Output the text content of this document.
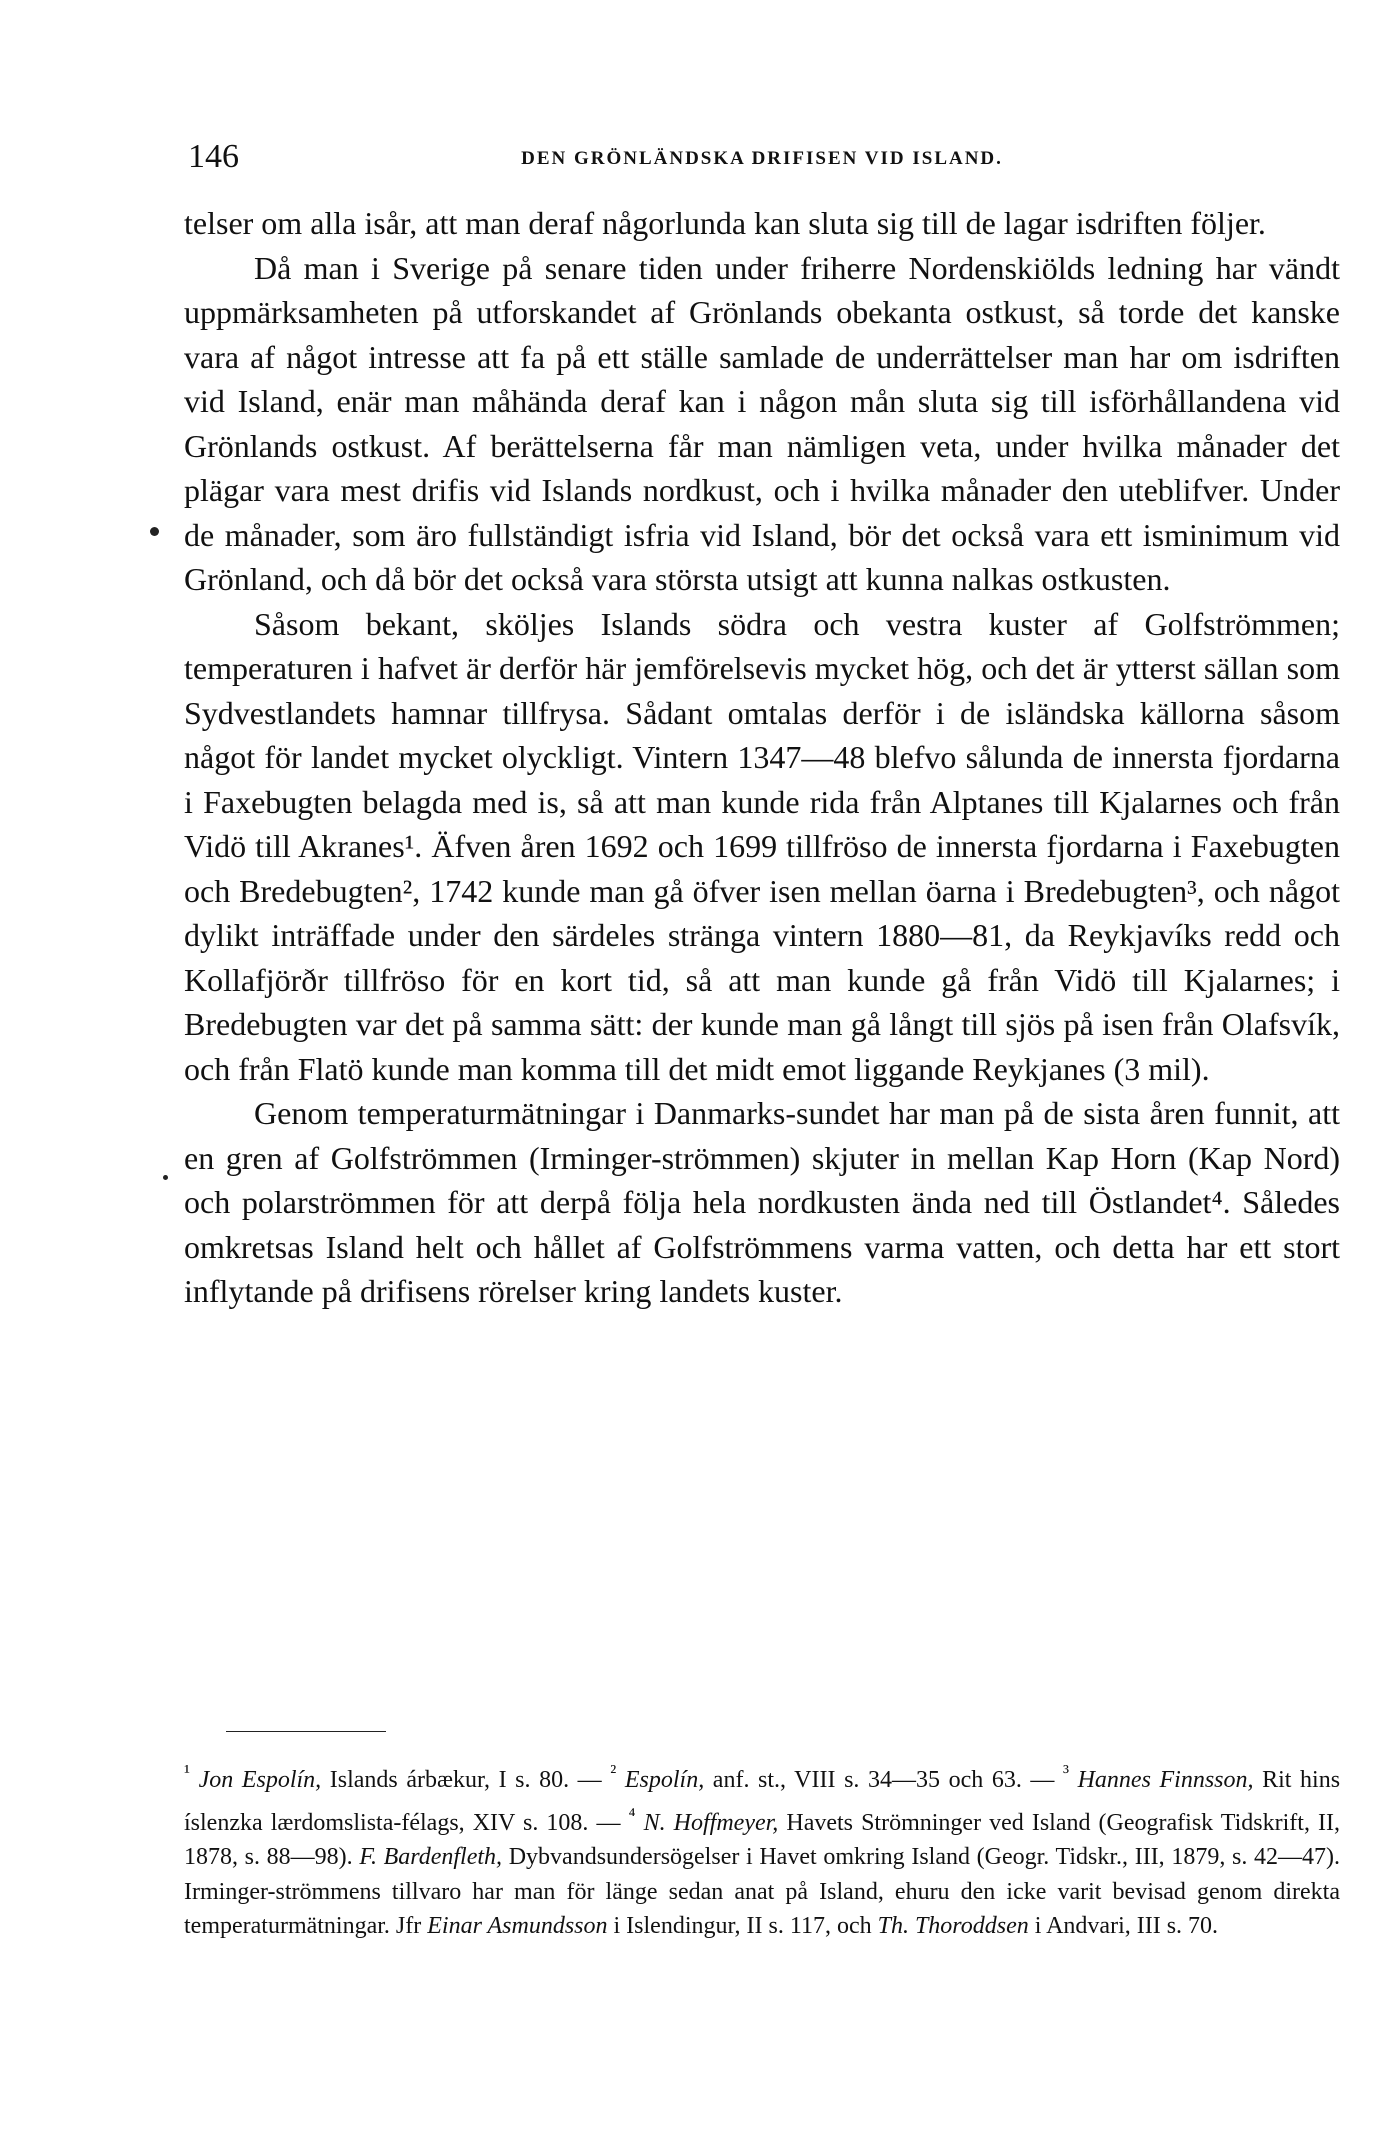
146	DEN GRÖNLÄNDSKA DRIFISEN VID ISLAND.

telser om alla isår, att man deraf någorlunda kan sluta sig till de lagar isdriften följer.

Då man i Sverige på senare tiden under friherre Nordenskiölds ledning har vändt uppmärksamheten på utforskandet af Grönlands obekanta ostkust, så torde det kanske vara af något intresse att fa på ett ställe samlade de underrättelser man har om isdriften vid Island, enär man måhända deraf kan i någon mån sluta sig till isförhållandena vid Grönlands ostkust. Af berättelserna får man nämligen veta, under hvilka månader det plägar vara mest drifis vid Islands nordkust, och i hvilka månader den uteblifver. Under de månader, som äro fullständigt isfria vid Island, bör det också vara ett isminimum vid Grönland, och då bör det också vara största utsigt att kunna nalkas ostkusten.

Såsom bekant, sköljes Islands södra och vestra kuster af Golfströmmen; temperaturen i hafvet är derför här jemförelsevis mycket hög, och det är ytterst sällan som Sydvestlandets hamnar tillfrysa. Sådant omtalas derför i de isländska källorna såsom något för landet mycket olyckligt. Vintern 1347—48 blefvo sålunda de innersta fjordarna i Faxebugten belagda med is, så att man kunde rida från Alptanes till Kjalarnes och från Vidö till Akranes¹. Äfven åren 1692 och 1699 tillfröso de innersta fjordarna i Faxebugten och Bredebugten², 1742 kunde man gå öfver isen mellan öarna i Bredebugten³, och något dylikt inträffade under den särdeles stränga vintern 1880—81, da Reykjavíks redd och Kollafjörðr tillfröso för en kort tid, så att man kunde gå från Vidö till Kjalarnes; i Bredebugten var det på samma sätt: der kunde man gå långt till sjös på isen från Olafsvík, och från Flatö kunde man komma till det midt emot liggande Reykjanes (3 mil).

Genom temperaturmätningar i Danmarks-sundet har man på de sista åren funnit, att en gren af Golfströmmen (Irminger-strömmen) skjuter in mellan Kap Horn (Kap Nord) och polarströmmen för att derpå följa hela nordkusten ända ned till Östlandet⁴. Således omkretsas Island helt och hållet af Golfströmmens varma vatten, och detta har ett stort inflytande på drifisens rörelser kring landets kuster.

$^{^1}$ Jon Espolín, Islands árbækur, I s. 80. — $^{^2}$ Espolín, anf. st., VIII s. 34—35 och 63. — $^{^3}$ Hannes Finnsson, Rit hins íslenzka lærdomslista-félags, XIV s. 108. — $^{^4}$ N. Hoffmeyer, Havets Strömninger ved Island (Geografisk Tidskrift, II, 1878, s. 88—98). F. Bardenfleth, Dybvandsundersögelser i Havet omkring Island (Geogr. Tidskr., III, 1879, s. 42—47). Irminger-strömmens tillvaro har man för länge sedan anat på Island, ehuru den icke varit bevisad genom direkta temperaturmätningar. Jfr Einar Asmundsson i Islendingur, II s. 117, och Th. Thoroddsen i Andvari, III s. 70.
